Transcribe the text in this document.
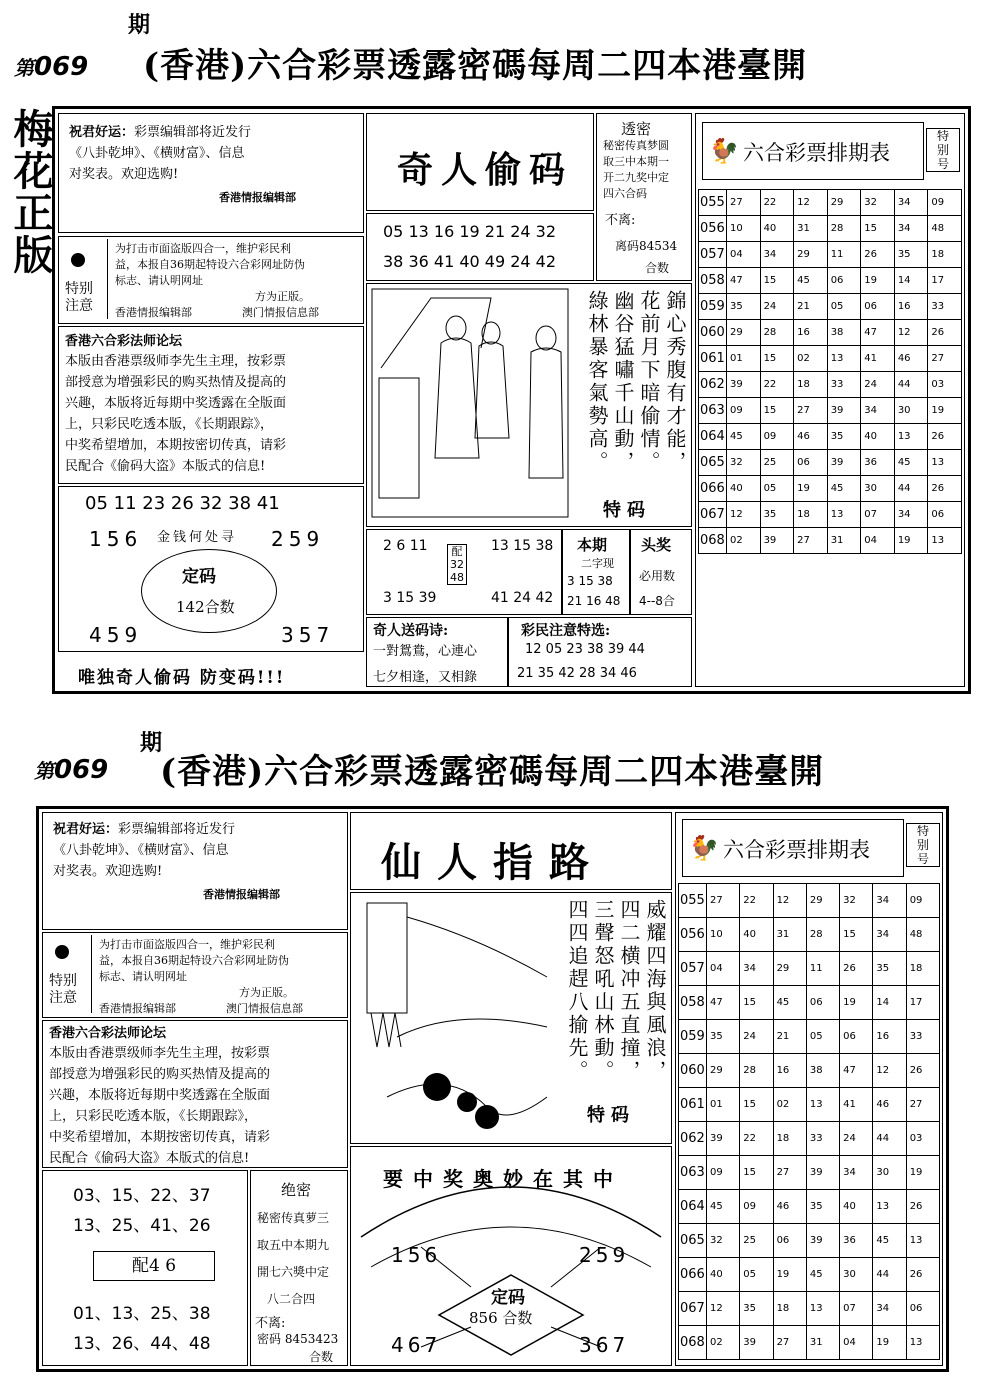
第069
期
(香港)六合彩票透露密碼每周二四本港臺開
梅花正版 祝君好运：彩票编辑部将近发行
《八卦乾坤》、《横财富》、信息
对奖表。欢迎选购!
香港情报编辑部
特别
注意
为打击市面盗版四合一，维护彩民利
益，本报自36期起特设六合彩网址防伪
标志、请认明网址
方为正版。
香港情报编辑部	澳门情报信息部
香港六合彩法师论坛
本版由香港票级师李先生主理，按彩票
部授意为增强彩民的购买热情及提高的
兴趣，本版将近每期中奖透露在全版面
上，只彩民吃透本版，《长期跟踪》，
中奖希望增加，本期按密切传真，请彩
民配合《偷码大盗》本版式的信息!
05 11 23 26 32 38 41
156	259
金钱何处寻
定码
142合数
459	357
唯独奇人偷码 防变码!!!
奇人偷码
05 13 16 19 21 24 32
38 36 41 40 49 24 42
透密
秘密传真梦圆
取三中本期一
开二九奖中定
四六合码
不离:
离码84534
合数
錦心秀腹有才能，
花前月下暗偷情。
幽谷猛嘯千山動，
綠林暴客氣勢高。
特码
2 6 11
3 15 39
配
32
48
13 15 38
41 24 42
本期
二字现
3 15 38
21 16 48
头奖
必用数
4--8合
奇人送码诗:
一對鴛鴦，心連心
七夕相逢，又相錄
彩民注意特选:
12 05 23 38 39 44
21 35 42 28 34 46
🐓 六合彩票排期表
特
别
号
055	27	22	12	29	32	34	09
056	10	40	31	28	15	34	48
057	04	34	29	11	26	35	18
058	47	15	45	06	19	14	17
059	35	24	21	05	06	16	33
060	29	28	16	38	47	12	26
061	01	15	02	13	41	46	27
062	39	22	18	33	24	44	03
063	09	15	27	39	34	30	19
064	45	09	46	35	40	13	26
065	32	25	06	39	36	45	13
066	40	05	19	45	30	44	26
067	12	35	18	13	07	34	06
068	02	39	27	31	04	19	13
第069
期
(香港)六合彩票透露密碼每周二四本港臺開
祝君好运：彩票编辑部将近发行
《八卦乾坤》、《横财富》、信息
对奖表。欢迎选购!
香港情报编辑部
特别
注意
为打击市面盗版四合一，维护彩民利
益，本报自36期起特设六合彩网址防伪
标志、请认明网址
方为正版。
香港情报编辑部	澳门情报信息部
香港六合彩法师论坛
本版由香港票级师李先生主理，按彩票
部授意为增强彩民的购买热情及提高的
兴趣，本版将近每期中奖透露在全版面
上，只彩民吃透本版，《长期跟踪》，
中奖希望增加，本期按密切传真，请彩
民配合《偷码大盗》本版式的信息!
03、15、22、37
13、25、41、26
配4 6
01、13、25、38
13、26、44、48
绝密
秘密传真萝三
取五中本期九
開七六獎中定
八二合四
不离:
密码 8453423
合数
仙人指路
威耀四海與風浪，
四二横冲五直撞，
三聲怒吼山林動。
四四追趕八揄先。
特码
要中奖奥妙在其中
156	259
定码
856 合数
467	367
🐓 六合彩票排期表
特
别
号
055	27	22	12	29	32	34	09
056	10	40	31	28	15	34	48
057	04	34	29	11	26	35	18
058	47	15	45	06	19	14	17
059	35	24	21	05	06	16	33
060	29	28	16	38	47	12	26
061	01	15	02	13	41	46	27
062	39	22	18	33	24	44	03
063	09	15	27	39	34	30	19
064	45	09	46	35	40	13	26
065	32	25	06	39	36	45	13
066	40	05	19	45	30	44	26
067	12	35	18	13	07	34	06
068	02	39	27	31	04	19	13
